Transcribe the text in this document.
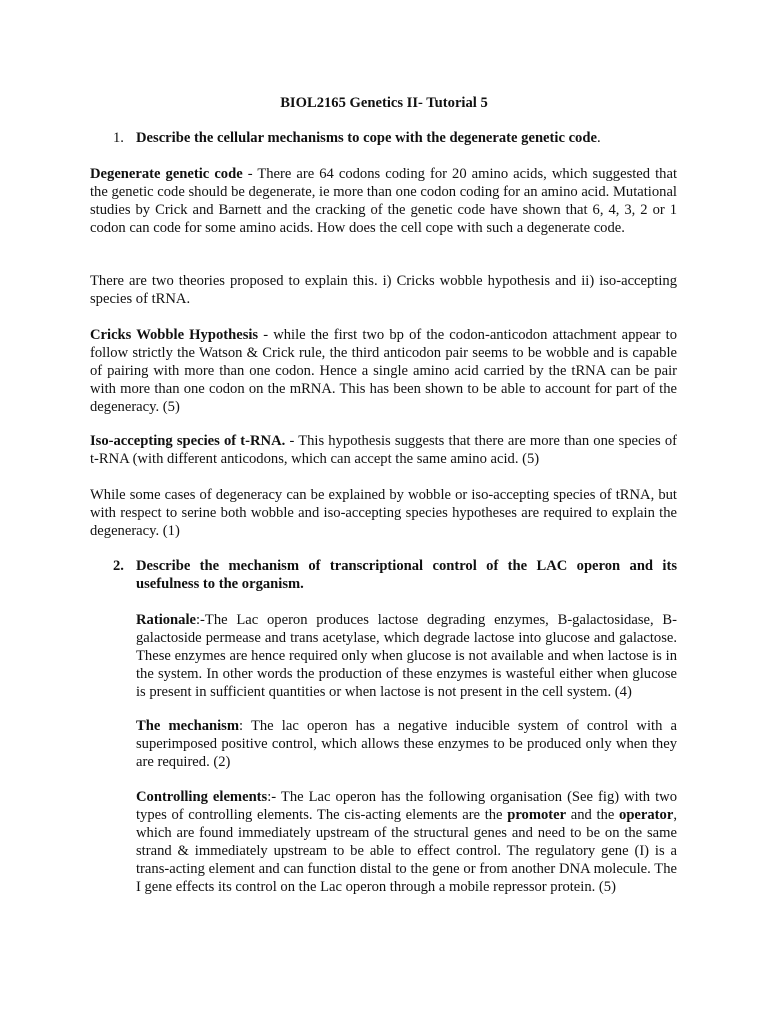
BIOL2165 Genetics II- Tutorial 5
1. Describe the cellular mechanisms to cope with the degenerate genetic code.

Degenerate genetic code - There are 64 codons coding for 20 amino acids, which suggested that the genetic code should be degenerate, ie more than one codon coding for an amino acid. Mutational studies by Crick and Barnett and the cracking of the genetic code have shown that 6, 4, 3, 2 or 1 codon can code for some amino acids. How does the cell cope with such a degenerate code.

There are two theories proposed to explain this. i) Cricks wobble hypothesis and ii) iso-accepting species of tRNA.

Cricks Wobble Hypothesis - while the first two bp of the codon-anticodon attachment appear to follow strictly the Watson & Crick rule, the third anticodon pair seems to be wobble and is capable of pairing with more than one codon. Hence a single amino acid carried by the tRNA can be pair with more than one codon on the mRNA. This has been shown to be able to account for part of the degeneracy. (5)

Iso-accepting species of t-RNA. - This hypothesis suggests that there are more than one species of t-RNA (with different anticodons, which can accept the same amino acid. (5)

While some cases of degeneracy can be explained by wobble or iso-accepting species of tRNA, but with respect to serine both wobble and iso-accepting species hypotheses are required to explain the degeneracy. (1)

2. Describe the mechanism of transcriptional control of the LAC operon and its usefulness to the organism.

Rationale:-The Lac operon produces lactose degrading enzymes, B-galactosidase, B-galactoside permease and trans acetylase, which degrade lactose into glucose and galactose. These enzymes are hence required only when glucose is not available and when lactose is in the system. In other words the production of these enzymes is wasteful either when glucose is present in sufficient quantities or when lactose is not present in the cell system. (4)

The mechanism: The lac operon has a negative inducible system of control with a superimposed positive control, which allows these enzymes to be produced only when they are required. (2)

Controlling elements:- The Lac operon has the following organisation (See fig) with two types of controlling elements. The cis-acting elements are the promoter and the operator, which are found immediately upstream of the structural genes and need to be on the same strand & immediately upstream to be able to effect control. The regulatory gene (I) is a trans-acting element and can function distal to the gene or from another DNA molecule. The I gene effects its control on the Lac operon through a mobile repressor protein. (5)
